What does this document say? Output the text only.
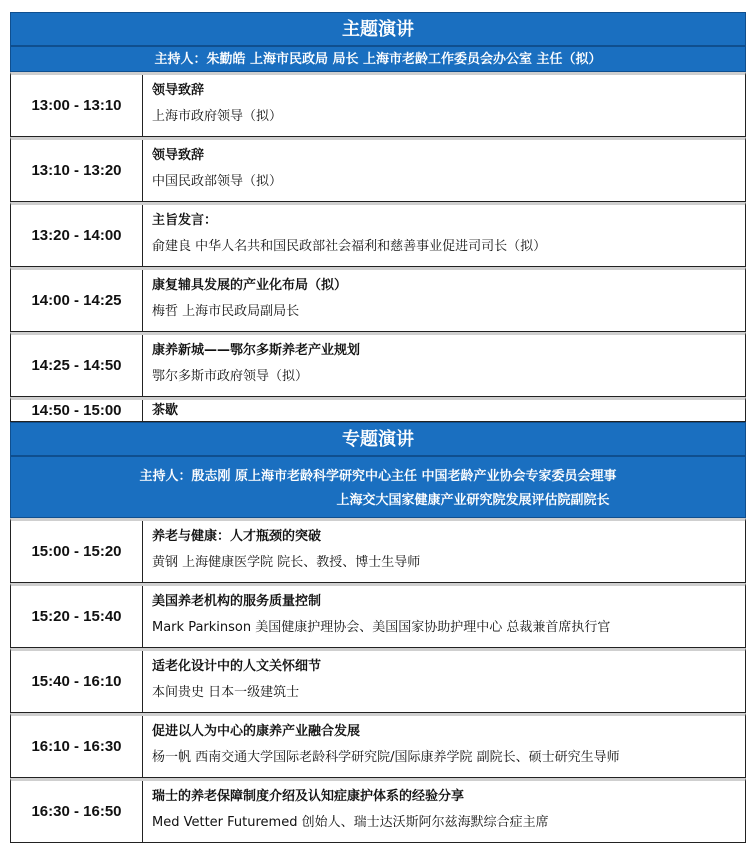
主题演讲
主持人：朱勤皓 上海市民政局 局长 上海市老龄工作委员会办公室 主任（拟）
13:00 - 13:10
领导致辞
上海市政府领导（拟）
13:10 - 13:20
领导致辞
中国民政部领导（拟）
13:20 - 14:00
主旨发言：
俞建良 中华人名共和国民政部社会福利和慈善事业促进司司长（拟）
14:00 - 14:25
康复辅具发展的产业化布局（拟）
梅哲 上海市民政局副局长
14:25 - 14:50
康养新城——鄂尔多斯养老产业规划
鄂尔多斯市政府领导（拟）
14:50 - 15:00	茶歇
专题演讲
主持人：殷志刚 原上海市老龄科学研究中心主任 中国老龄产业协会专家委员会理事
上海交大国家健康产业研究院发展评估院副院长
15:00 - 15:20
养老与健康：人才瓶颈的突破
黄钢 上海健康医学院 院长、教授、博士生导师
15:20 - 15:40
美国养老机构的服务质量控制
Mark Parkinson 美国健康护理协会、美国国家协助护理中心 总裁兼首席执行官
15:40 - 16:10
适老化设计中的人文关怀细节
本间贵史 日本一级建筑士
16:10 - 16:30
促进以人为中心的康养产业融合发展
杨一帆 西南交通大学国际老龄科学研究院/国际康养学院 副院长、硕士研究生导师
16:30 - 16:50
瑞士的养老保障制度介绍及认知症康护体系的经验分享
Med Vetter Futuremed 创始人、瑞士达沃斯阿尔兹海默综合症主席
